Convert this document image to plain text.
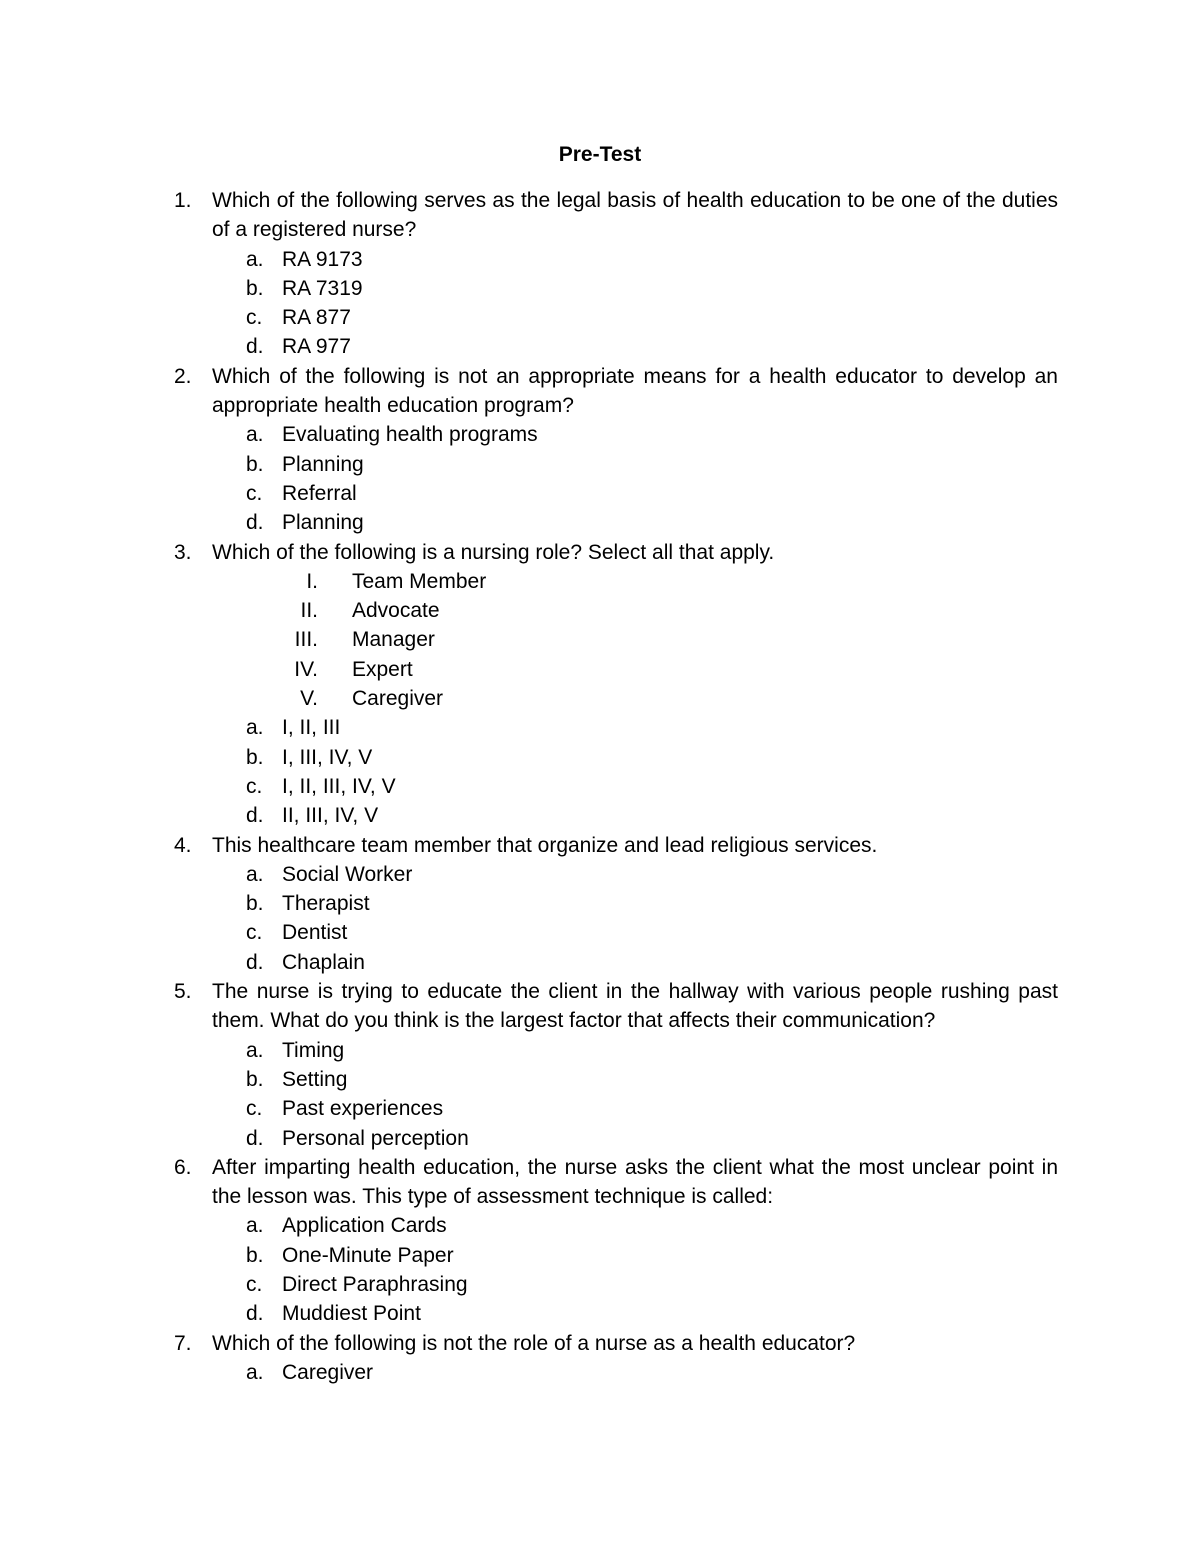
Pre-Test
1. Which of the following serves as the legal basis of health education to be one of the duties of a registered nurse?
a. RA 9173
b. RA 7319
c. RA 877
d. RA 977
2. Which of the following is not an appropriate means for a health educator to develop an appropriate health education program?
a. Evaluating health programs
b. Planning
c. Referral
d. Planning
3. Which of the following is a nursing role? Select all that apply.
I. Team Member
II. Advocate
III. Manager
IV. Expert
V. Caregiver
a. I, II, III
b. I, III, IV, V
c. I, II, III, IV, V
d. II, III, IV, V
4. This healthcare team member that organize and lead religious services.
a. Social Worker
b. Therapist
c. Dentist
d. Chaplain
5. The nurse is trying to educate the client in the hallway with various people rushing past them. What do you think is the largest factor that affects their communication?
a. Timing
b. Setting
c. Past experiences
d. Personal perception
6. After imparting health education, the nurse asks the client what the most unclear point in the lesson was. This type of assessment technique is called:
a. Application Cards
b. One-Minute Paper
c. Direct Paraphrasing
d. Muddiest Point
7. Which of the following is not the role of a nurse as a health educator?
a. Caregiver
